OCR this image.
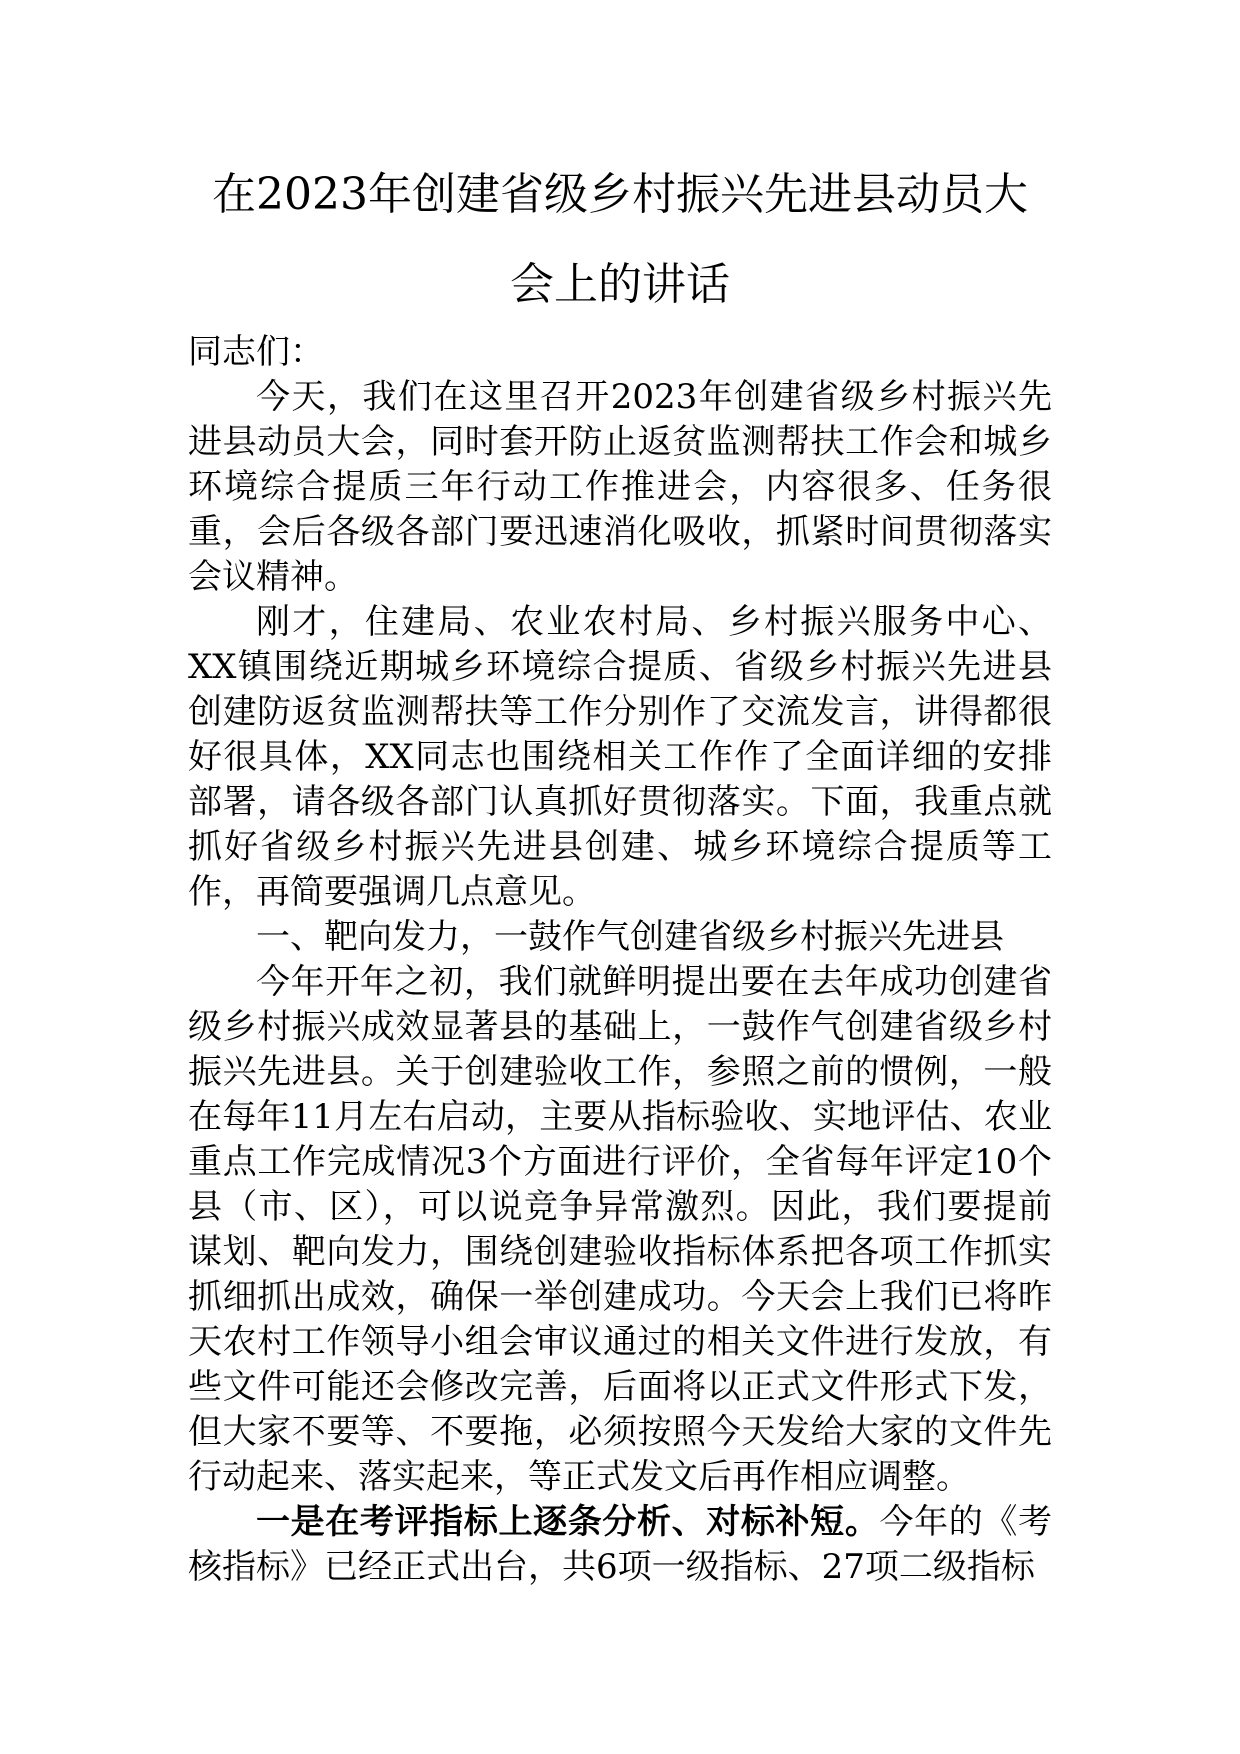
在2023年创建省级乡村振兴先进县动员大
会上的讲话

同志们：

今天，我们在这里召开2023年创建省级乡村振兴先进县动员大会，同时套开防止返贫监测帮扶工作会和城乡环境综合提质三年行动工作推进会，内容很多、任务很重，会后各级各部门要迅速消化吸收，抓紧时间贯彻落实会议精神。

刚才，住建局、农业农村局、乡村振兴服务中心、XX镇围绕近期城乡环境综合提质、省级乡村振兴先进县创建防返贫监测帮扶等工作分别作了交流发言，讲得都很好很具体，XX同志也围绕相关工作作了全面详细的安排部署，请各级各部门认真抓好贯彻落实。下面，我重点就抓好省级乡村振兴先进县创建、城乡环境综合提质等工作，再简要强调几点意见。

一、靶向发力，一鼓作气创建省级乡村振兴先进县

今年开年之初，我们就鲜明提出要在去年成功创建省级乡村振兴成效显著县的基础上，一鼓作气创建省级乡村振兴先进县。关于创建验收工作，参照之前的惯例，一般在每年11月左右启动，主要从指标验收、实地评估、农业重点工作完成情况3个方面进行评价，全省每年评定10个县（市、区），可以说竞争异常激烈。因此，我们要提前谋划、靶向发力，围绕创建验收指标体系把各项工作抓实抓细抓出成效，确保一举创建成功。今天会上我们已将昨天农村工作领导小组会审议通过的相关文件进行发放，有些文件可能还会修改完善，后面将以正式文件形式下发，但大家不要等、不要拖，必须按照今天发给大家的文件先行动起来、落实起来，等正式发文后再作相应调整。

一是在考评指标上逐条分析、对标补短。今年的《考核指标》已经正式出台，共6项一级指标、27项二级指标
